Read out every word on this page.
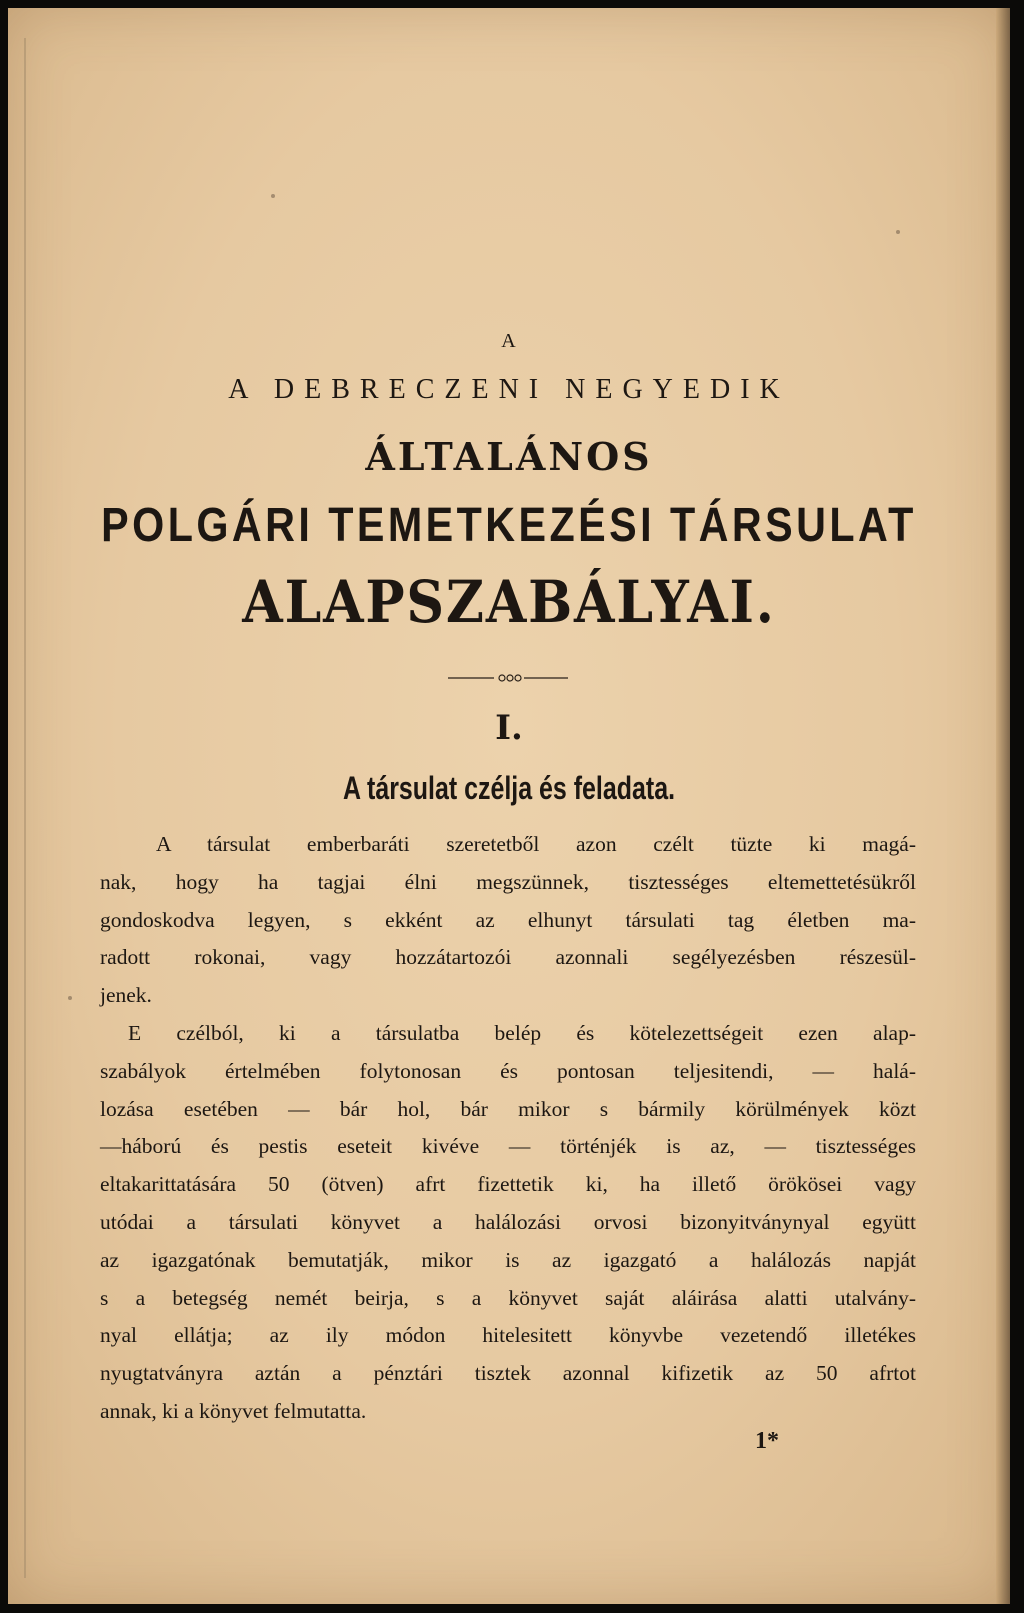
A
A DEBRECZENI NEGYEDIK
ÁLTALÁNOS
POLGÁRI TEMETKEZÉSI TÁRSULAT
ALAPSZABÁLYAI.
I.
A társulat czélja és feladata.
A társulat emberbaráti szeretetből azon czélt tüzte ki magá-
nak, hogy ha tagjai élni megszünnek, tisztességes eltemettetésükről
gondoskodva legyen, s ekként az elhunyt társulati tag életben ma-
radott rokonai, vagy hozzátartozói azonnali segélyezésben részesül-
jenek.
E czélból, ki a társulatba belép és kötelezettségeit ezen alap-
szabályok értelmében folytonosan és pontosan teljesitendi, — halá-
lozása esetében — bár hol, bár mikor s bármily körülmények közt
—háború és pestis eseteit kivéve — történjék is az, — tisztességes
eltakarittatására 50 (ötven) afrt fizettetik ki, ha illető örökösei vagy
utódai a társulati könyvet a halálozási orvosi bizonyitványnyal együtt
az igazgatónak bemutatják, mikor is az igazgató a halálozás napját
s a betegség nemét beirja, s a könyvet saját aláirása alatti utalvány-
nyal ellátja; az ily módon hitelesitett könyvbe vezetendő illetékes
nyugtatványra aztán a pénztári tisztek azonnal kifizetik az 50 afrtot
annak, ki a könyvet felmutatta.
1*
